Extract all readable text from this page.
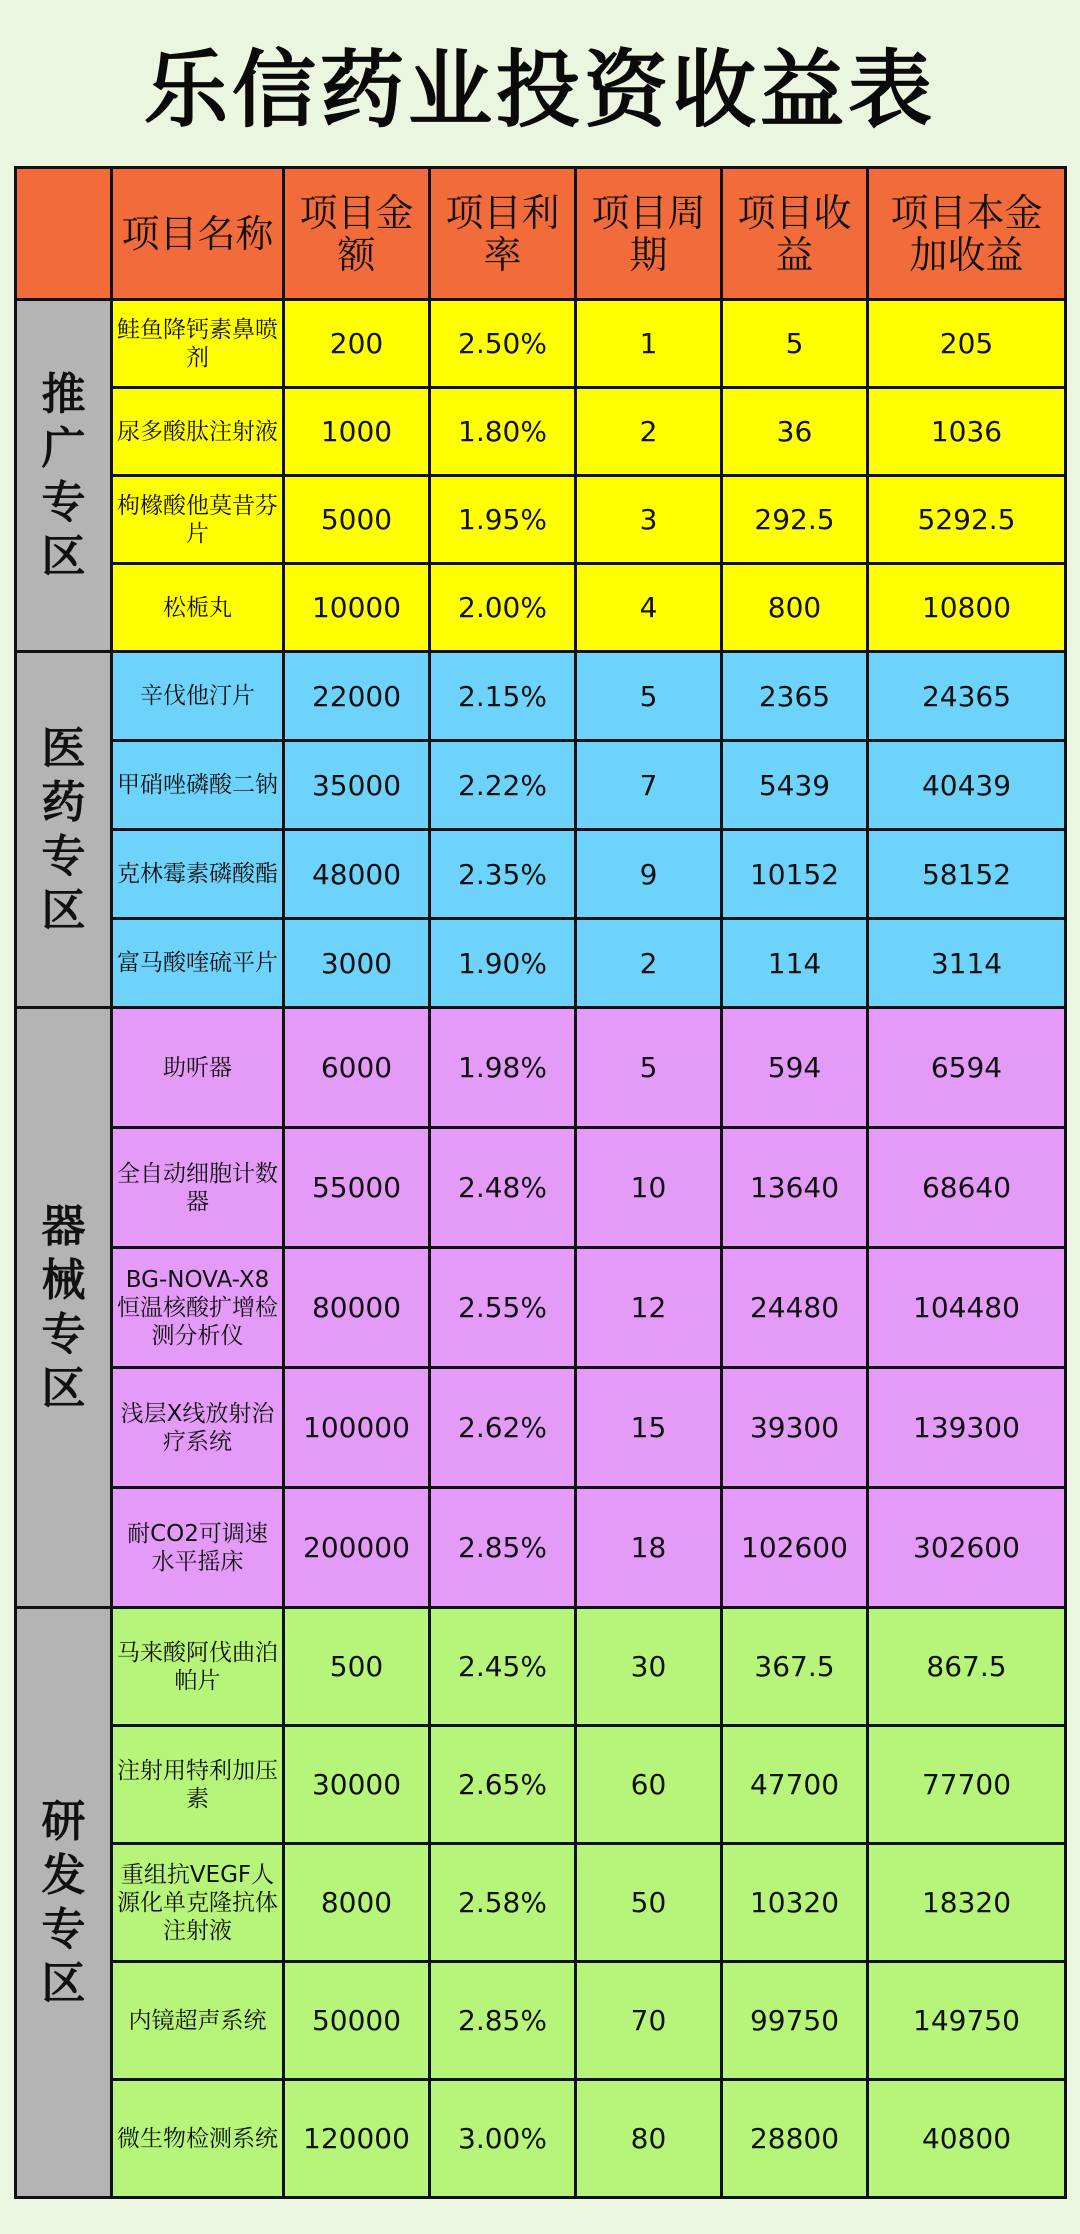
乐信药业投资收益表
	项目名称	项目金额	项目利率	项目周期	项目收益	项目本金加收益
推广专区	鲑鱼降钙素鼻喷剂	200	2.50%	1	5	205
	尿多酸肽注射液	1000	1.80%	2	36	1036
	枸橼酸他莫昔芬片	5000	1.95%	3	292.5	5292.5
	松栀丸	10000	2.00%	4	800	10800
医药专区	辛伐他汀片	22000	2.15%	5	2365	24365
	甲硝唑磷酸二钠	35000	2.22%	7	5439	40439
	克林霉素磷酸酯	48000	2.35%	9	10152	58152
	富马酸喹硫平片	3000	1.90%	2	114	3114
器械专区	助听器	6000	1.98%	5	594	6594
	全自动细胞计数器	55000	2.48%	10	13640	68640
	BG-NOVA-X8恒温核酸扩增检测分析仪	80000	2.55%	12	24480	104480
	浅层X线放射治疗系统	100000	2.62%	15	39300	139300
	耐CO2可调速水平摇床	200000	2.85%	18	102600	302600
研发专区	马来酸阿伐曲泊帕片	500	2.45%	30	367.5	867.5
	注射用特利加压素	30000	2.65%	60	47700	77700
	重组抗VEGF人源化单克隆抗体注射液	8000	2.58%	50	10320	18320
	内镜超声系统	50000	2.85%	70	99750	149750
	微生物检测系统	120000	3.00%	80	28800	40800
